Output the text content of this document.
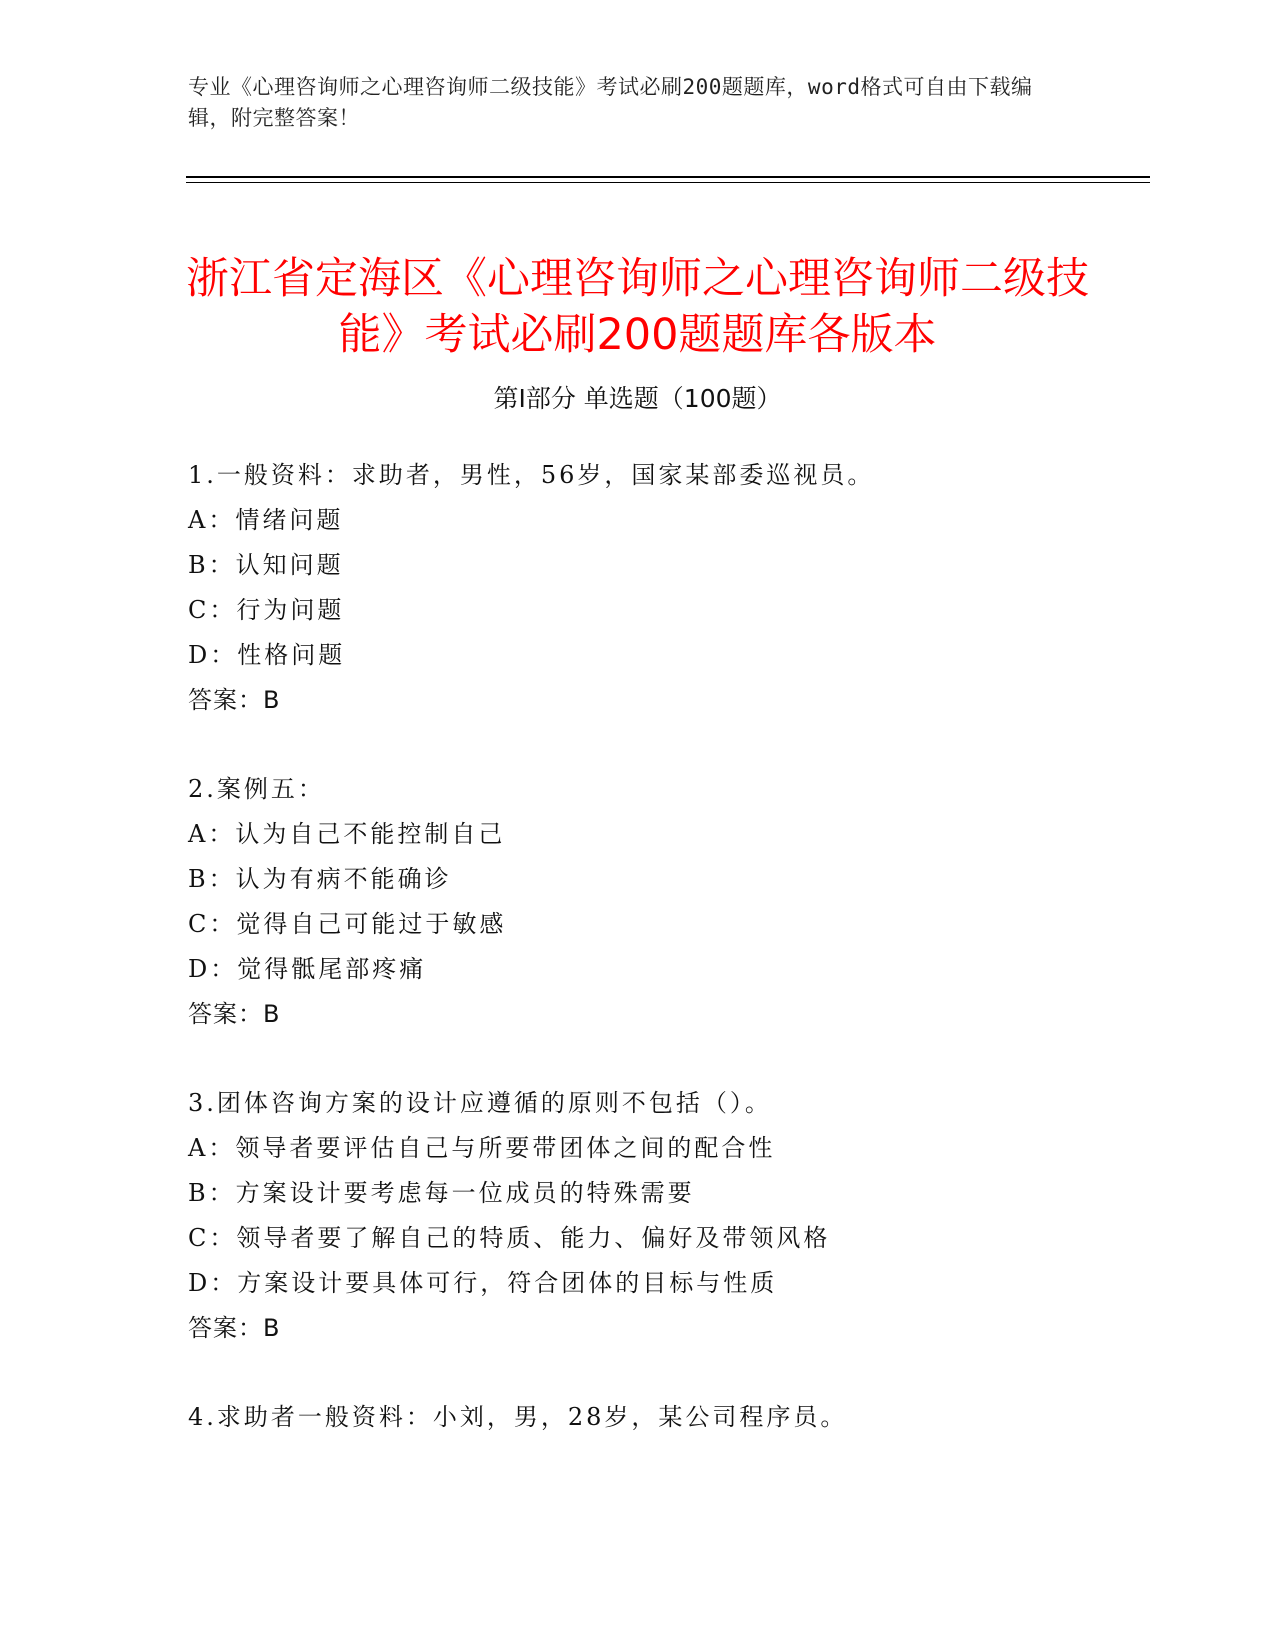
专业《心理咨询师之心理咨询师二级技能》考试必刷200题题库，word格式可自由下载编辑，附完整答案！
浙江省定海区《心理咨询师之心理咨询师二级技能》考试必刷200题题库各版本
第I部分 单选题（100题）
1.一般资料：求助者，男性，56岁，国家某部委巡视员。
A：情绪问题
B：认知问题
C：行为问题
D：性格问题
答案：B
2.案例五：
A：认为自己不能控制自己
B：认为有病不能确诊
C：觉得自己可能过于敏感
D：觉得骶尾部疼痛
答案：B
3.团体咨询方案的设计应遵循的原则不包括（）。
A：领导者要评估自己与所要带团体之间的配合性
B：方案设计要考虑每一位成员的特殊需要
C：领导者要了解自己的特质、能力、偏好及带领风格
D：方案设计要具体可行，符合团体的目标与性质
答案：B
4.求助者一般资料：小刘，男，28岁，某公司程序员。
